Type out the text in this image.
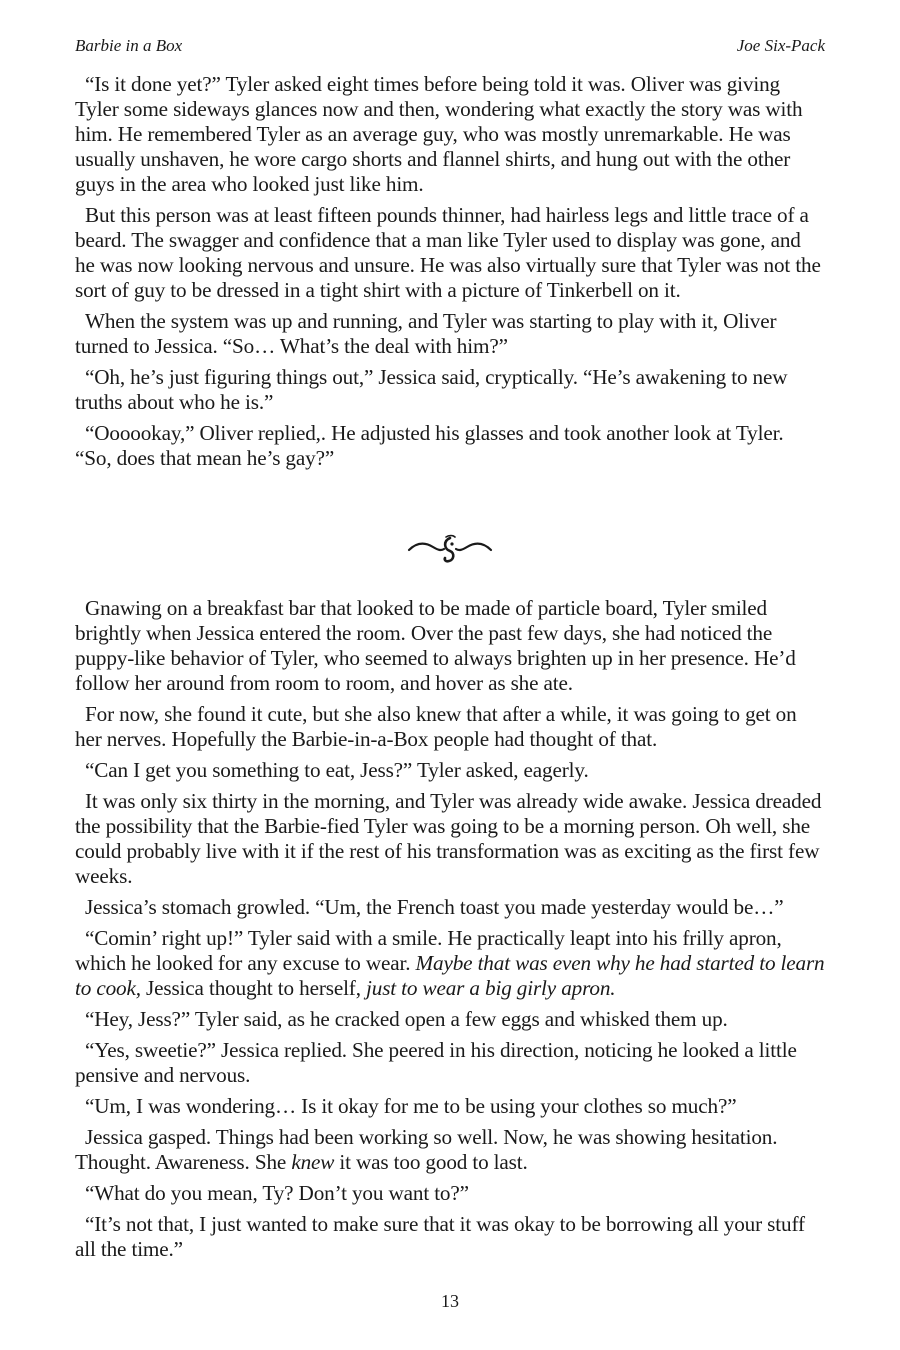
Barbie in a Box	Joe Six-Pack

“Is it done yet?” Tyler asked eight times before being told it was. Oliver was giving Tyler some sideways glances now and then, wondering what exactly the story was with him. He remembered Tyler as an average guy, who was mostly unremarkable. He was usually unshaven, he wore cargo shorts and flannel shirts, and hung out with the other guys in the area who looked just like him.

But this person was at least fifteen pounds thinner, had hairless legs and little trace of a beard. The swagger and confidence that a man like Tyler used to display was gone, and he was now looking nervous and unsure. He was also virtually sure that Tyler was not the sort of guy to be dressed in a tight shirt with a picture of Tinkerbell on it.

When the system was up and running, and Tyler was starting to play with it, Oliver turned to Jessica. “So… What’s the deal with him?”

“Oh, he’s just figuring things out,” Jessica said, cryptically. “He’s awakening to new truths about who he is.”

“Oooookay,” Oliver replied,. He adjusted his glasses and took another look at Tyler. “So, does that mean he’s gay?”

Gnawing on a breakfast bar that looked to be made of particle board, Tyler smiled brightly when Jessica entered the room. Over the past few days, she had noticed the puppy-like behavior of Tyler, who seemed to always brighten up in her presence. He’d follow her around from room to room, and hover as she ate.

For now, she found it cute, but she also knew that after a while, it was going to get on her nerves. Hopefully the Barbie-in-a-Box people had thought of that.

“Can I get you something to eat, Jess?” Tyler asked, eagerly.

It was only six thirty in the morning, and Tyler was already wide awake. Jessica dreaded the possibility that the Barbie-fied Tyler was going to be a morning person. Oh well, she could probably live with it if the rest of his transformation was as exciting as the first few weeks.

Jessica’s stomach growled. “Um, the French toast you made yesterday would be…”

“Comin’ right up!” Tyler said with a smile. He practically leapt into his frilly apron, which he looked for any excuse to wear. Maybe that was even why he had started to learn to cook, Jessica thought to herself, just to wear a big girly apron.

“Hey, Jess?” Tyler said, as he cracked open a few eggs and whisked them up.

“Yes, sweetie?” Jessica replied. She peered in his direction, noticing he looked a little pensive and nervous.

“Um, I was wondering… Is it okay for me to be using your clothes so much?”

Jessica gasped. Things had been working so well. Now, he was showing hesitation. Thought. Awareness. She knew it was too good to last.

“What do you mean, Ty? Don’t you want to?”

“It’s not that, I just wanted to make sure that it was okay to be borrowing all your stuff all the time.”

13
